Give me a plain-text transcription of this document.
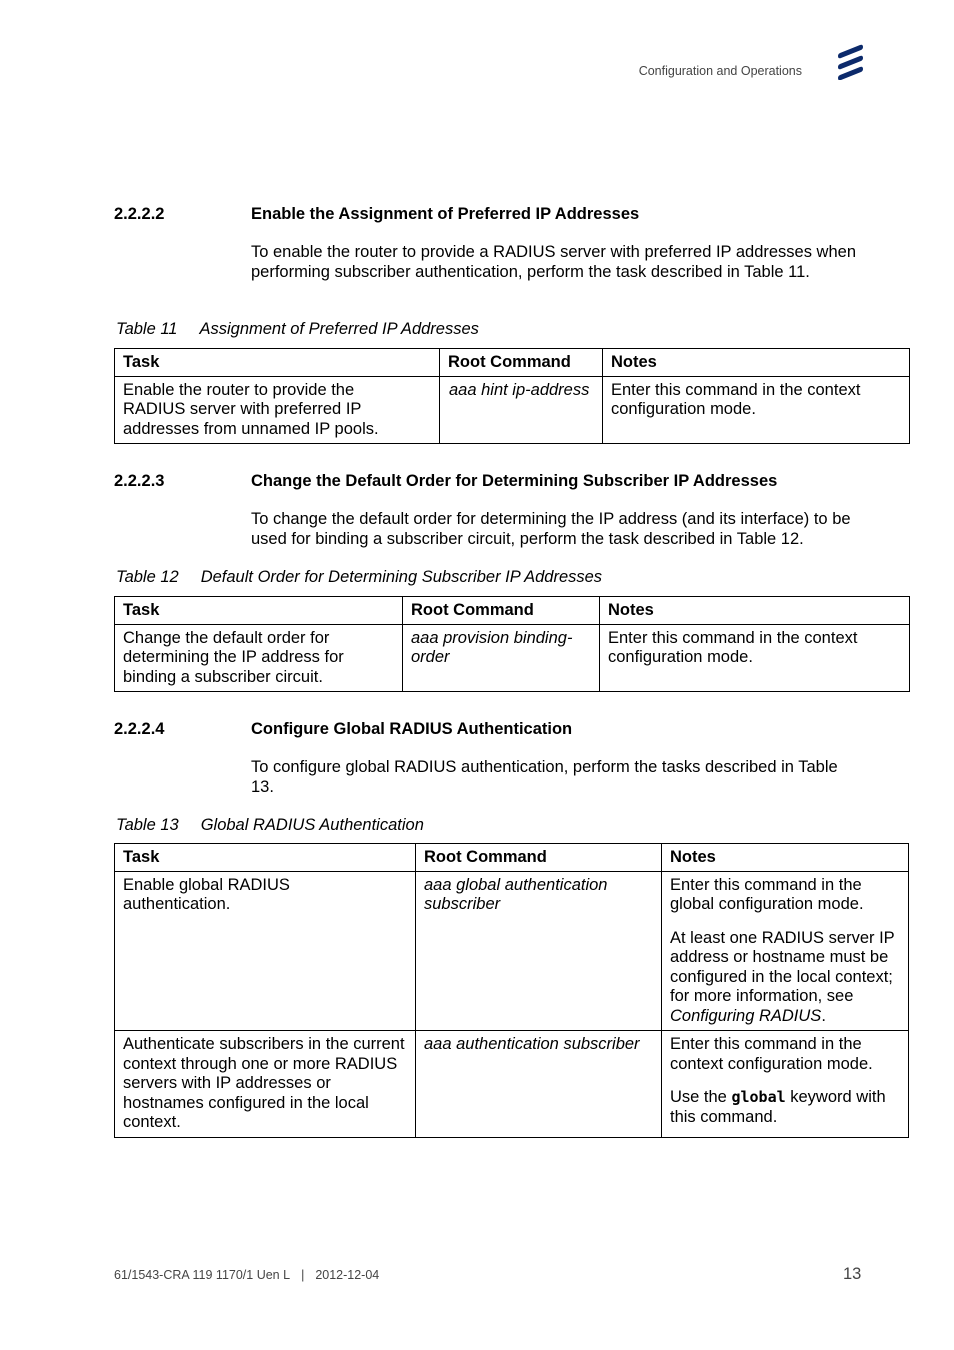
Configuration and Operations
2.2.2.2	Enable the Assignment of Preferred IP Addresses
To enable the router to provide a RADIUS server with preferred IP addresses when performing subscriber authentication, perform the task described in Table 11.
Table 11 Assignment of Preferred IP Addresses
Task	Root Command	Notes
Enable the router to provide the RADIUS server with preferred IP addresses from unnamed IP pools.	aaa hint ip-address	Enter this command in the context configuration mode.

2.2.2.3	Change the Default Order for Determining Subscriber IP Addresses
To change the default order for determining the IP address (and its interface) to be used for binding a subscriber circuit, perform the task described in Table 12.
Table 12 Default Order for Determining Subscriber IP Addresses
Task	Root Command	Notes
Change the default order for determining the IP address for binding a subscriber circuit.	aaa provision binding-order	Enter this command in the context configuration mode.

2.2.2.4	Configure Global RADIUS Authentication
To configure global RADIUS authentication, perform the tasks described in Table 13.
Table 13 Global RADIUS Authentication
Task	Root Command	Notes
Enable global RADIUS authentication.	aaa global authentication subscriber	Enter this command in the global configuration mode.

At least one RADIUS server IP address or hostname must be configured in the local context; for more information, see Configuring RADIUS.

Authenticate subscribers in the current context through one or more RADIUS servers with IP addresses or hostnames configured in the local context.	aaa authentication subscriber	Enter this command in the context configuration mode.

Use the global keyword with this command.

61/1543-CRA 119 1170/1 Uen L | 2012-12-04	13
